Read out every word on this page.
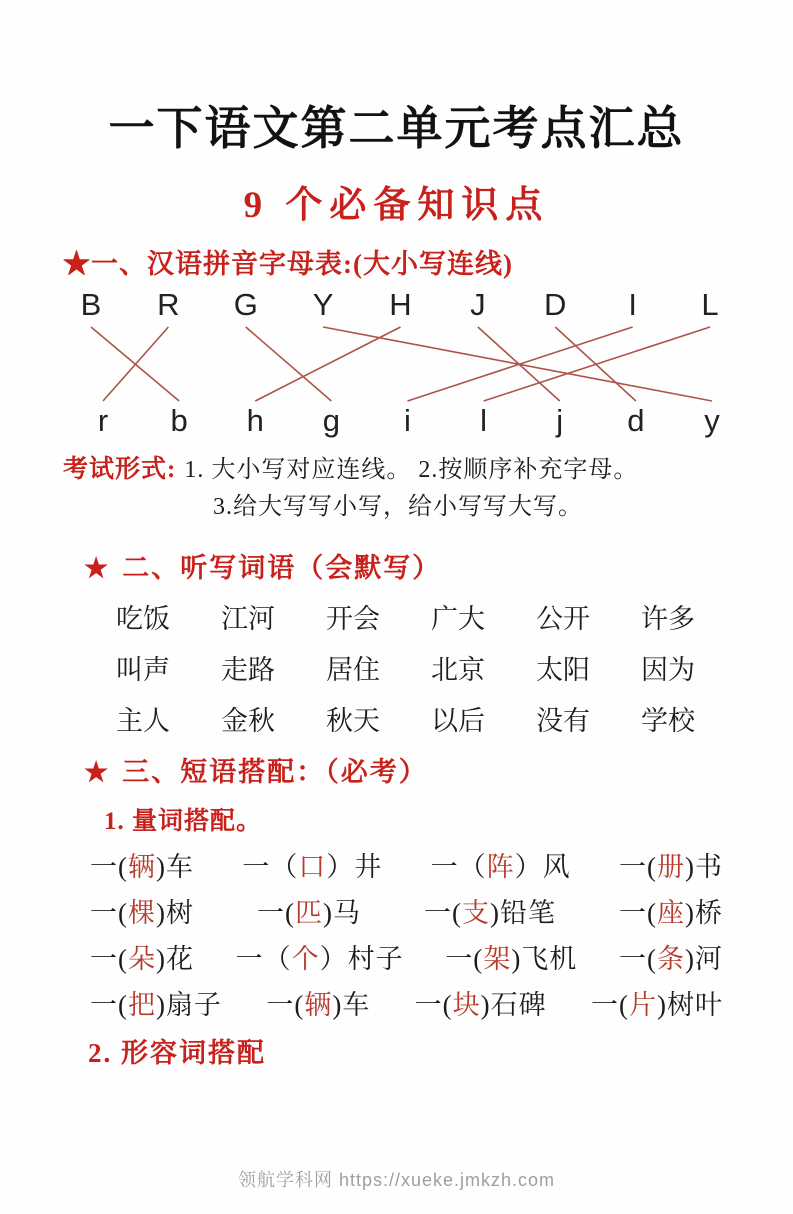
一下语文第二单元考点汇总
9 个必备知识点
★一、汉语拼音字母表:(大小写连线)
B R G Y H J D I L
r b h g	i	l	j	d y
考试形式: 1. 大小写对应连线。 2.按顺序补充字母。
3.给大写写小写，给小写写大写。
★ 二、听写词语（会默写）
吃饭 江河 开会 广大 公开 许多
叫声 走路 居住 北京 太阳 因为
主人 金秋 秋天 以后 没有 学校
★ 三、短语搭配：（必考）
1. 量词搭配。
一(辆)车 一（口）井 一（阵）风 一(册)书
一(棵)树 一(匹)马 一(支)铅笔 一(座)桥
一(朵)花 一（个）村子 一(架)飞机 一(条)河
一(把)扇子 一(辆)车 一(块)石碑 一(片)树叶
2. 形容词搭配
领航学科网 https://xueke.jmkzh.com
